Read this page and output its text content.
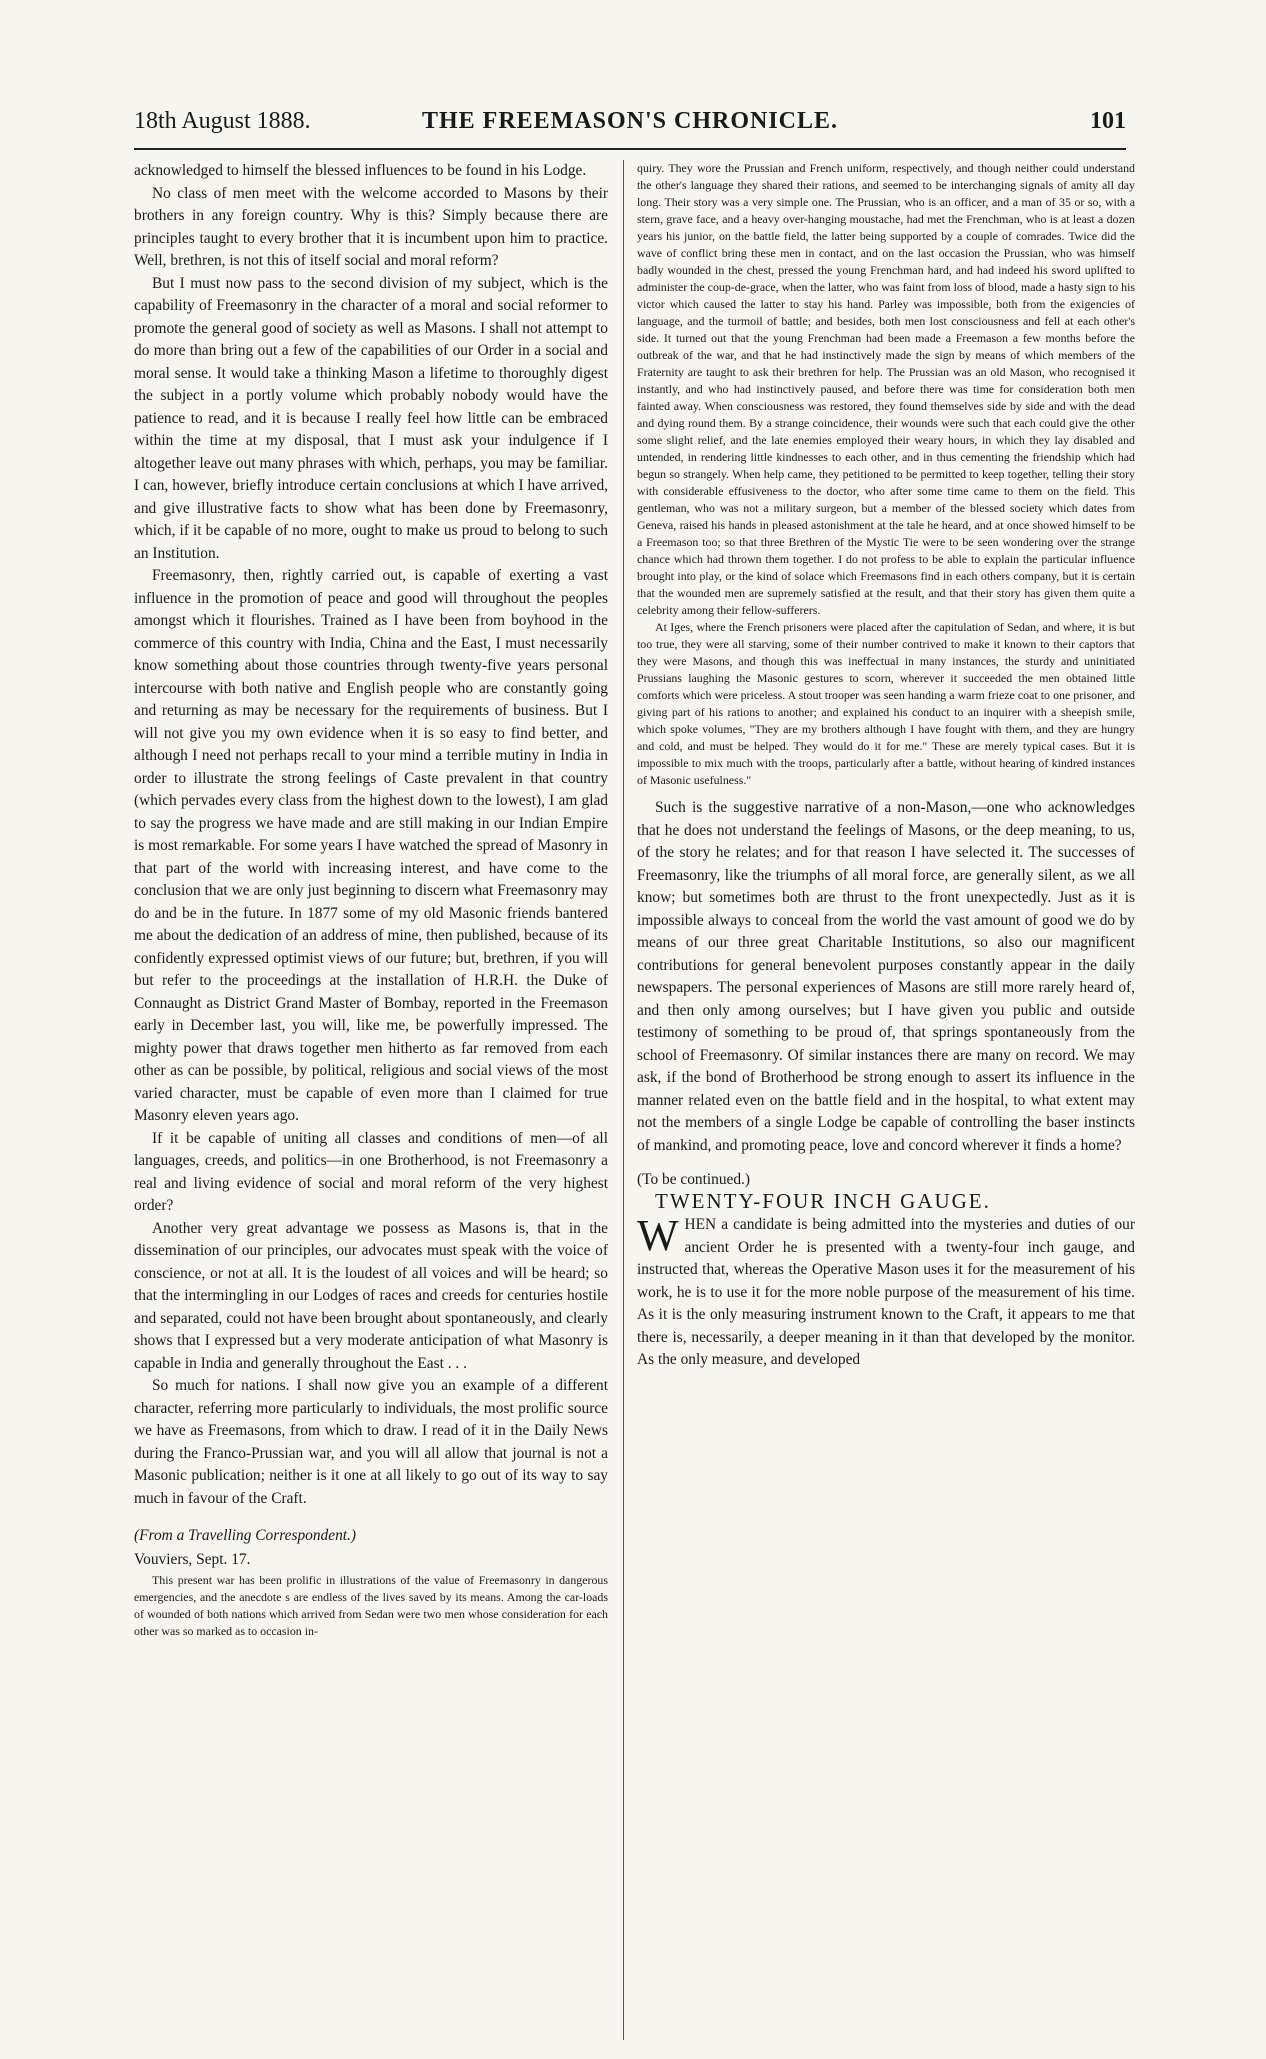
18th August 1888.	THE FREEMASON'S CHRONICLE.	101

acknowledged to himself the blessed influences to be found in his Lodge.

No class of men meet with the welcome accorded to Masons by their brothers in any foreign country. Why is this? Simply because there are principles taught to every brother that it is incumbent upon him to practice. Well, brethren, is not this of itself social and moral reform?

But I must now pass to the second division of my subject, which is the capability of Freemasonry in the character of a moral and social reformer to promote the general good of society as well as Masons. I shall not attempt to do more than bring out a few of the capabilities of our Order in a social and moral sense. It would take a thinking Mason a lifetime to thoroughly digest the subject in a portly volume which probably nobody would have the patience to read, and it is because I really feel how little can be embraced within the time at my disposal, that I must ask your indulgence if I altogether leave out many phrases with which, perhaps, you may be familiar. I can, however, briefly introduce certain conclusions at which I have arrived, and give illustrative facts to show what has been done by Freemasonry, which, if it be capable of no more, ought to make us proud to belong to such an Institution.

Freemasonry, then, rightly carried out, is capable of exerting a vast influence in the promotion of peace and good will throughout the peoples amongst which it flourishes. Trained as I have been from boyhood in the commerce of this country with India, China and the East, I must necessarily know something about those countries through twenty-five years personal intercourse with both native and English people who are constantly going and returning as may be necessary for the requirements of business. But I will not give you my own evidence when it is so easy to find better, and although I need not perhaps recall to your mind a terrible mutiny in India in order to illustrate the strong feelings of Caste prevalent in that country (which pervades every class from the highest down to the lowest), I am glad to say the progress we have made and are still making in our Indian Empire is most remarkable. For some years I have watched the spread of Masonry in that part of the world with increasing interest, and have come to the conclusion that we are only just beginning to discern what Freemasonry may do and be in the future. In 1877 some of my old Masonic friends bantered me about the dedication of an address of mine, then published, because of its confidently expressed optimist views of our future; but, brethren, if you will but refer to the proceedings at the installation of H.R.H. the Duke of Connaught as District Grand Master of Bombay, reported in the Freemason early in December last, you will, like me, be powerfully impressed. The mighty power that draws together men hitherto as far removed from each other as can be possible, by political, religious and social views of the most varied character, must be capable of even more than I claimed for true Masonry eleven years ago.

If it be capable of uniting all classes and conditions of men—of all languages, creeds, and politics—in one Brotherhood, is not Freemasonry a real and living evidence of social and moral reform of the very highest order?

Another very great advantage we possess as Masons is, that in the dissemination of our principles, our advocates must speak with the voice of conscience, or not at all. It is the loudest of all voices and will be heard; so that the intermingling in our Lodges of races and creeds for centuries hostile and separated, could not have been brought about spontaneously, and clearly shows that I expressed but a very moderate anticipation of what Masonry is capable in India and generally throughout the East . . .

So much for nations. I shall now give you an example of a different character, referring more particularly to individuals, the most prolific source we have as Freemasons, from which to draw. I read of it in the Daily News during the Franco-Prussian war, and you will all allow that journal is not a Masonic publication; neither is it one at all likely to go out of its way to say much in favour of the Craft.

(From a Travelling Correspondent.)

Vouviers, Sept. 17.

This present war has been prolific in illustrations of the value of Freemasonry in dangerous emergencies, and the anecdote s are endless of the lives saved by its means. Among the car-loads of wounded of both nations which arrived from Sedan were two men whose consideration for each other was so marked as to occasion in-

quiry. They wore the Prussian and French uniform, respectively, and though neither could understand the other's language they shared their rations, and seemed to be interchanging signals of amity all day long. Their story was a very simple one. The Prussian, who is an officer, and a man of 35 or so, with a stern, grave face, and a heavy over-hanging moustache, had met the Frenchman, who is at least a dozen years his junior, on the battle field, the latter being supported by a couple of comrades. Twice did the wave of conflict bring these men in contact, and on the last occasion the Prussian, who was himself badly wounded in the chest, pressed the young Frenchman hard, and had indeed his sword uplifted to administer the coup-de-grace, when the latter, who was faint from loss of blood, made a hasty sign to his victor which caused the latter to stay his hand. Parley was impossible, both from the exigencies of language, and the turmoil of battle; and besides, both men lost consciousness and fell at each other's side. It turned out that the young Frenchman had been made a Freemason a few months before the outbreak of the war, and that he had instinctively made the sign by means of which members of the Fraternity are taught to ask their brethren for help. The Prussian was an old Mason, who recognised it instantly, and who had instinctively paused, and before there was time for consideration both men fainted away. When consciousness was restored, they found themselves side by side and with the dead and dying round them. By a strange coincidence, their wounds were such that each could give the other some slight relief, and the late enemies employed their weary hours, in which they lay disabled and untended, in rendering little kindnesses to each other, and in thus cementing the friendship which had begun so strangely. When help came, they petitioned to be permitted to keep together, telling their story with considerable effusiveness to the doctor, who after some time came to them on the field. This gentleman, who was not a military surgeon, but a member of the blessed society which dates from Geneva, raised his hands in pleased astonishment at the tale he heard, and at once showed himself to be a Freemason too; so that three Brethren of the Mystic Tie were to be seen wondering over the strange chance which had thrown them together. I do not profess to be able to explain the particular influence brought into play, or the kind of solace which Freemasons find in each others company, but it is certain that the wounded men are supremely satisfied at the result, and that their story has given them quite a celebrity among their fellow-sufferers.

At Iges, where the French prisoners were placed after the capitulation of Sedan, and where, it is but too true, they were all starving, some of their number contrived to make it known to their captors that they were Masons, and though this was ineffectual in many instances, the sturdy and uninitiated Prussians laughing the Masonic gestures to scorn, wherever it succeeded the men obtained little comforts which were priceless. A stout trooper was seen handing a warm frieze coat to one prisoner, and giving part of his rations to another; and explained his conduct to an inquirer with a sheepish smile, which spoke volumes, "They are my brothers although I have fought with them, and they are hungry and cold, and must be helped. They would do it for me." These are merely typical cases. But it is impossible to mix much with the troops, particularly after a battle, without hearing of kindred instances of Masonic usefulness."

Such is the suggestive narrative of a non-Mason,—one who acknowledges that he does not understand the feelings of Masons, or the deep meaning, to us, of the story he relates; and for that reason I have selected it. The successes of Freemasonry, like the triumphs of all moral force, are generally silent, as we all know; but sometimes both are thrust to the front unexpectedly. Just as it is impossible always to conceal from the world the vast amount of good we do by means of our three great Charitable Institutions, so also our magnificent contributions for general benevolent purposes constantly appear in the daily newspapers. The personal experiences of Masons are still more rarely heard of, and then only among ourselves; but I have given you public and outside testimony of something to be proud of, that springs spontaneously from the school of Freemasonry. Of similar instances there are many on record. We may ask, if the bond of Brotherhood be strong enough to assert its influence in the manner related even on the battle field and in the hospital, to what extent may not the members of a single Lodge be capable of controlling the baser instincts of mankind, and promoting peace, love and concord wherever it finds a home?

(To be continued.)

TWENTY-FOUR INCH GAUGE.

WHEN a candidate is being admitted into the mysteries and duties of our ancient Order he is presented with a twenty-four inch gauge, and instructed that, whereas the Operative Mason uses it for the measurement of his work, he is to use it for the more noble purpose of the measurement of his time. As it is the only measuring instrument known to the Craft, it appears to me that there is, necessarily, a deeper meaning in it than that developed by the monitor. As the only measure, and developed
